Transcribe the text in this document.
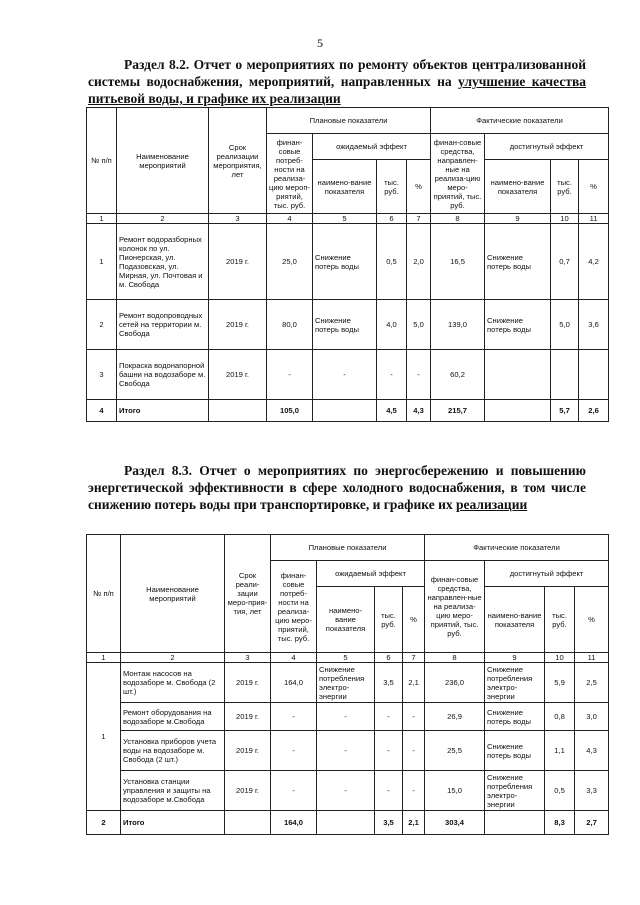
5

Раздел 8.2. Отчет о мероприятиях по ремонту объектов централизованной системы водоснабжения, мероприятий, направленных на улучшение качества питьевой воды, и графике их реализации

№ п/п	Наименование мероприятий	Срок реализации мероприятия, лет	Плановые показатели				Фактические показатели			
			финан-совые потреб-ности на реализа-цию мероп-риятий, тыс. руб.	ожидаемый эффект			финан-совые средства, направлен-ные на реализа-цию меро-приятий, тыс. руб.	достигнутый эффект		
				наимено-вание показателя	тыс. руб.	%		наимено-вание показателя	тыс. руб.	%
1	2	3	4	5	6	7	8	9	10	11
1	Ремонт водоразборных колонок по ул. Пионерская, ул. Подазовская, ул. Мирная, ул. Почтовая и м. Свобода	2019 г.	25,0	Снижение потерь воды	0,5	2,0	16,5	Снижение потерь воды	0,7	4,2
2	Ремонт водопроводных сетей на территории м. Свобода	2019 г.	80,0	Снижение потерь воды	4,0	5,0	139,0	Снижение потерь воды	5,0	3,6
3	Покраска водонапорной башни на водозаборе м. Свобода	2019 г.	-	-	-	-	60,2			
4	Итого		105,0		4,5	4,3	215,7		5,7	2,6

Раздел 8.3. Отчет о мероприятиях по энергосбережению и повышению энергетической эффективности в сфере холодного водоснабжения, в том числе снижению потерь воды при транспортировке, и графике их реализации

№ п/п	Наименование мероприятий	Срок реали-зации меро-прия-тия, лет	Плановые показатели				Фактические показатели			
			финан-совые потреб-ности на реализа-цию меро-приятий, тыс. руб.	ожидаемый эффект			финан-совые средства, направлен-ные на реализа-цию меро-приятий, тыс. руб.	достигнутый эффект		
				наимено-вание показателя	тыс. руб.	%		наимено-вание показателя	тыс. руб.	%
1	2	3	4	5	6	7	8	9	10	11
1	Монтаж насосов на водозаборе м. Свобода (2 шт.)	2019 г.	164,0	Снижение потребления электро-энергии	3,5	2,1	236,0	Снижение потребления электро-энергии	5,9	2,5
	Ремонт оборудования на водозаборе м.Свобода	2019 г.	-	-	-	-	26,9	Снижение потерь воды	0,8	3,0
	Установка приборов учета воды на водозаборе м. Свобода (2 шт.)	2019 г.	-	-	-	-	25,5	Снижение потерь воды	1,1	4,3
	Установка станции управления и защиты на водозаборе м.Свобода	2019 г.	-	-	-	-	15,0	Снижение потребления электро-энергии	0,5	3,3
2	Итого		164,0		3,5	2,1	303,4		8,3	2,7
